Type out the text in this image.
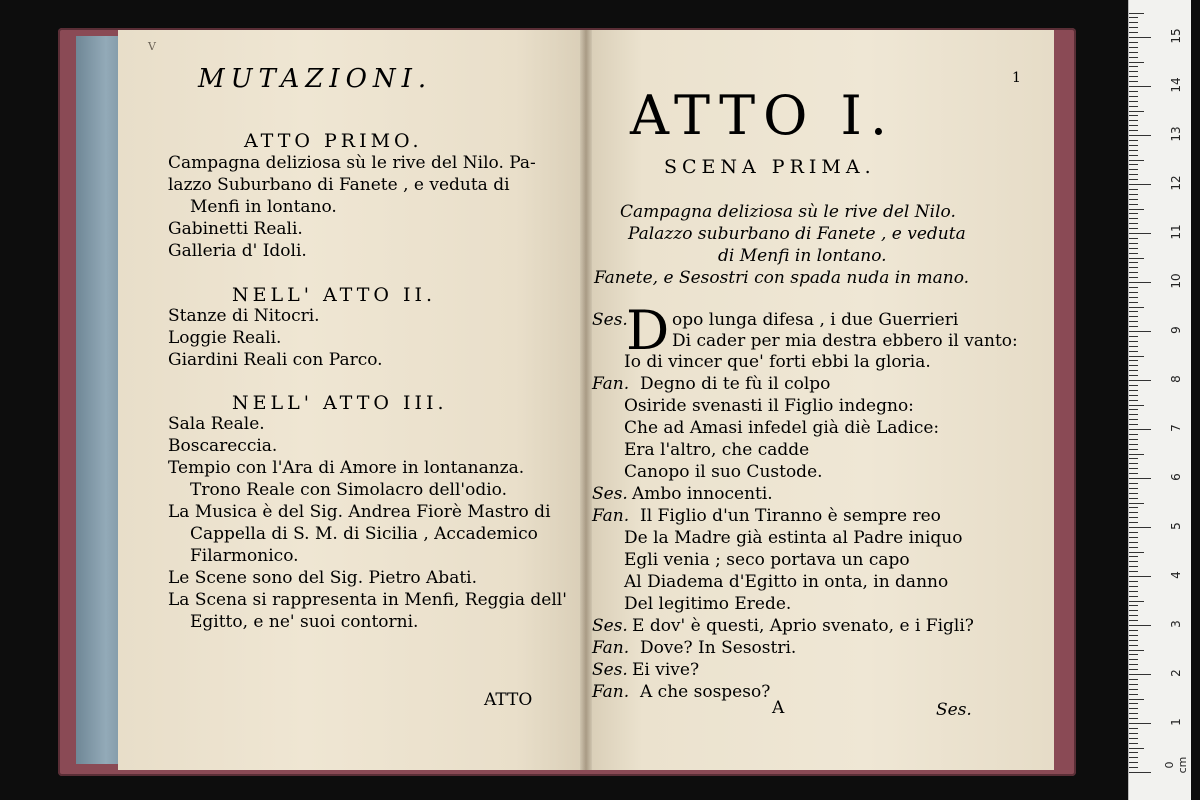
V
MUTAZIONI.
ATTO PRIMO.
Campagna deliziosa sù le rive del Nilo. Pa-
lazzo Suburbano di Fanete , e veduta di
Menfi in lontano.
Gabinetti Reali.
Galleria d' Idoli.
NELL' ATTO II.
Stanze di Nitocri.
Loggie Reali.
Giardini Reali con Parco.
NELL' ATTO III.
Sala Reale.
Boscareccia.
Tempio con l'Ara di Amore in lontananza.
Trono Reale con Simolacro dell'odio.
La Musica è del Sig. Andrea Fiorè Mastro di
Cappella di S. M. di Sicilia , Accademico
Filarmonico.
Le Scene sono del Sig. Pietro Abati.
La Scena si rappresenta in Menfi, Reggia dell'
Egitto, e ne' suoi contorni.
ATTO
ATTO I.
1
SCENA PRIMA.
Campagna deliziosa sù le rive del Nilo.
Palazzo suburbano di Fanete , e veduta
di Menfi in lontano.
Fanete, e Sesostri con spada nuda in mano.
D
Ses.	opo lunga difesa , i due Guerrieri
Di cader per mia destra ebbero il vanto:
Io di vincer que' forti ebbi la gloria.
Fan. Degno di te fù il colpo
Osiride svenasti il Figlio indegno:
Che ad Amasi infedel già diè Ladice:
Era l'altro, che cadde
Canopo il suo Custode.
Ses. Ambo innocenti.
Fan. Il Figlio d'un Tiranno è sempre reo
De la Madre già estinta al Padre iniquo
Egli venia ; seco portava un capo
Al Diadema d'Egitto in onta, in danno
Del legitimo Erede.
Ses. E dov' è questi, Aprio svenato, e i Figli?
Fan. Dove? In Sesostri.
Ses. Ei vive?
Fan. A che sospeso?
A	Ses.
0 cm
1
2
3
4
5
6
7
8
9
10
11
12
13
14
15
